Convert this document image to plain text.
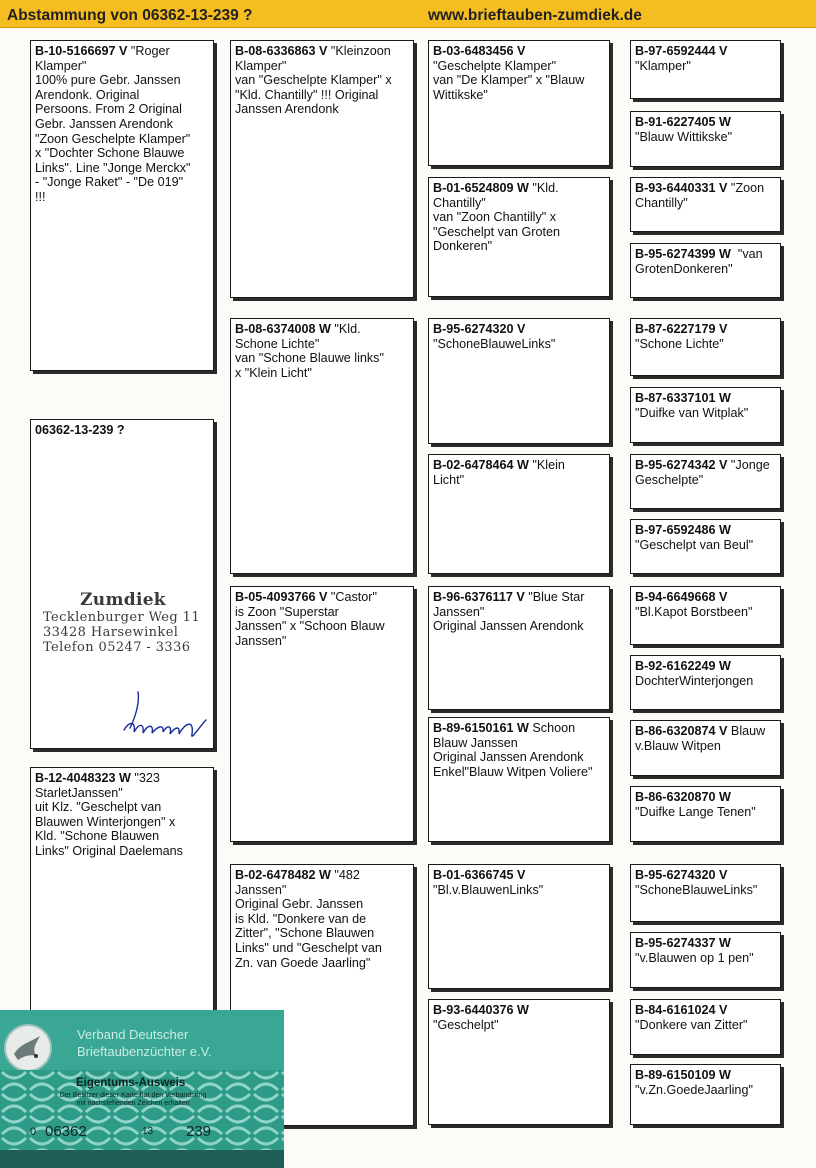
Abstammung von 06362-13-239 ?	www.brieftauben-zumdiek.de
B-10-5166697 V "Roger
Klamper"
100% pure Gebr. Janssen
Arendonk. Original
Persoons. From 2 Original
Gebr. Janssen Arendonk
"Zoon Geschelpte Klamper"
x "Dochter Schone Blauwe
Links". Line "Jonge Merckx"
- "Jonge Raket" - "De 019"
!!!
06362-13-239 ?
B-12-4048323 W "323
StarletJanssen"
uit Klz. "Geschelpt van
Blauwen Winterjongen" x
Kld. "Schone Blauwen
Links" Original Daelemans
B-08-6336863 V "Kleinzoon
Klamper"
van "Geschelpte Klamper" x
"Kld. Chantilly" !!! Original
Janssen Arendonk
B-08-6374008 W "Kld.
Schone Lichte"
van "Schone Blauwe links"
x "Klein Licht"
B-05-4093766 V "Castor"
is Zoon "Superstar
Janssen" x "Schoon Blauw
Janssen"
B-02-6478482 W "482
Janssen"
Original Gebr. Janssen
is Kld. "Donkere van de
Zitter", "Schone Blauwen
Links" und "Geschelpt van
Zn. van Goede Jaarling"
B-03-6483456 V
"Geschelpte Klamper"
van "De Klamper" x "Blauw
Wittikske"
B-01-6524809 W "Kld.
Chantilly"
van "Zoon Chantilly" x
"Geschelpt van Groten
Donkeren"
B-95-6274320 V
"SchoneBlauweLinks"
B-02-6478464 W "Klein
Licht"
B-96-6376117 V "Blue Star
Janssen"
Original Janssen Arendonk
B-89-6150161 W Schoon
Blauw Janssen
Original Janssen Arendonk
Enkel"Blauw Witpen Voliere"
B-01-6366745 V
"Bl.v.BlauwenLinks"
B-93-6440376 W
"Geschelpt"
B-97-6592444 V
"Klamper"
B-91-6227405 W
"Blauw Wittikske"
B-93-6440331 V "Zoon
Chantilly"
B-95-6274399 W  "van
GrotenDonkeren"
B-87-6227179 V
"Schone Lichte"
B-87-6337101 W
"Duifke van Witplak"
B-95-6274342 V "Jonge
Geschelpte"
B-97-6592486 W
"Geschelpt van Beul"
B-94-6649668 V
"Bl.Kapot Borstbeen"
B-92-6162249 W
DochterWinterjongen
B-86-6320874 V Blauw
v.Blauw Witpen
B-86-6320870 W
"Duifke Lange Tenen"
B-95-6274320 V
"SchoneBlauweLinks"
B-95-6274337 W
"v.Blauwen op 1 pen"
B-84-6161024 V
"Donkere van Zitter"
B-89-6150109 W
"v.Zn.GoedeJaarling"
Zumdiek
Tecklenburger Weg 11
33428 Harsewinkel
Telefon 05247 - 3336
Verband Deutscher
Brieftaubenzüchter e.V.
Eigentums-Ausweis
Der Besitzer dieser Karte hat den Verbandsring
mit nachstehenden Zeichen erhalten
0 06362	13 239
